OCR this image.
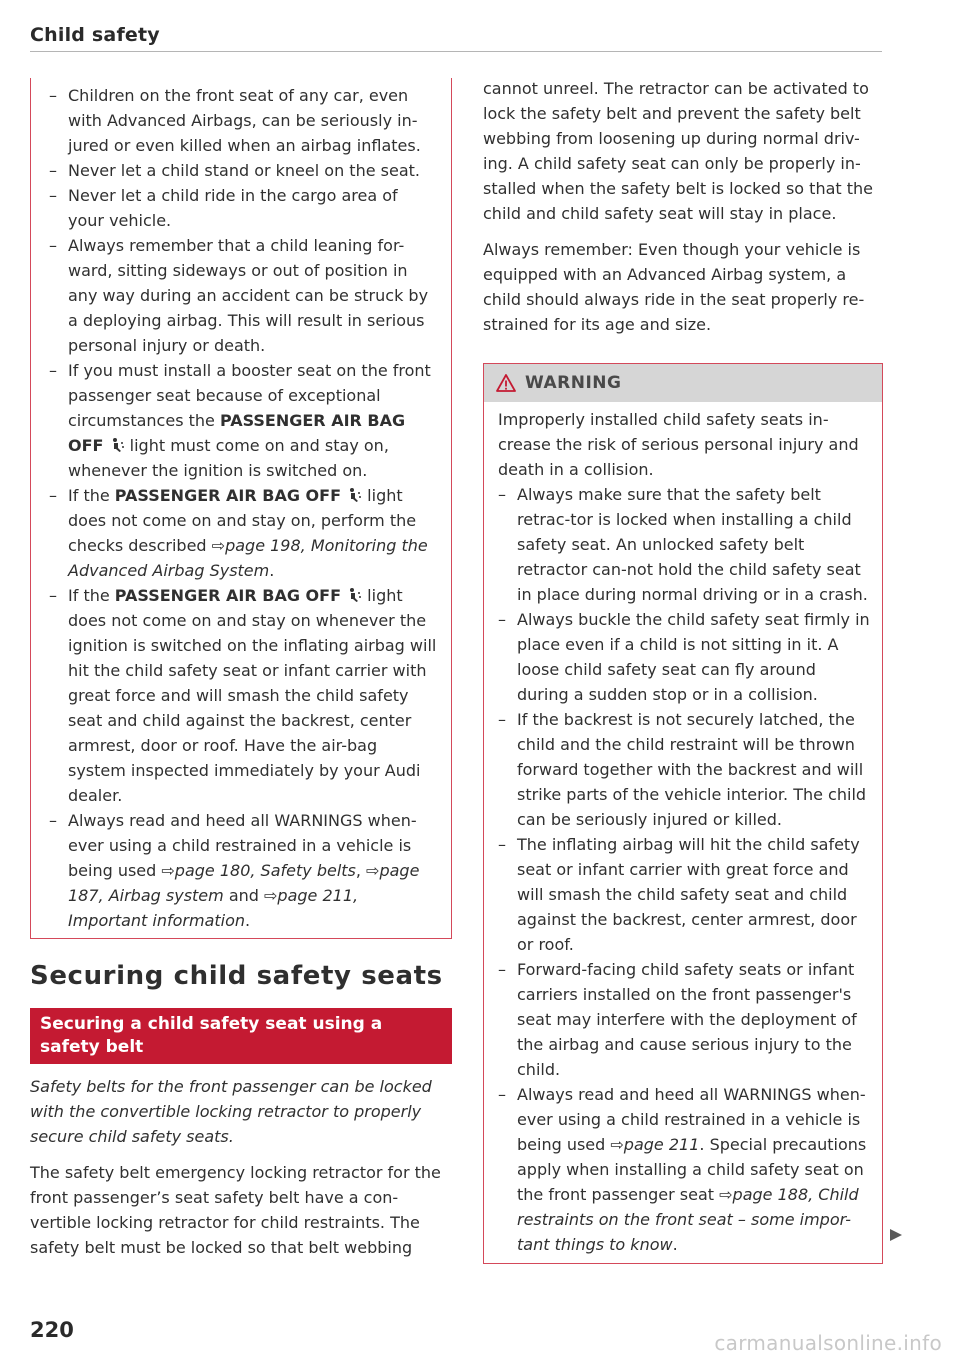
Child safety
– Children on the front seat of any car, even with Advanced Airbags, can be seriously in-jured or even killed when an airbag inflates.
– Never let a child stand or kneel on the seat.
– Never let a child ride in the cargo area of your vehicle.
– Always remember that a child leaning for-ward, sitting sideways or out of position in any way during an accident can be struck by a deploying airbag. This will result in serious personal injury or death.
– If you must install a booster seat on the front passenger seat because of exceptional circumstances the PASSENGER AIR BAG OFF  light must come on and stay on, whenever the ignition is switched on.
– If the PASSENGER AIR BAG OFF  light does not come on and stay on, perform the checks described ⇨page 198, Monitoring the Advanced Airbag System.
– If the PASSENGER AIR BAG OFF  light does not come on and stay on whenever the ignition is switched on the inflating airbag will hit the child safety seat or infant carrier with great force and will smash the child safety seat and child against the backrest, center armrest, door or roof. Have the air-bag system inspected immediately by your Audi dealer.
– Always read and heed all WARNINGS when-ever using a child restrained in a vehicle is being used ⇨page 180, Safety belts, ⇨page 187, Airbag system and ⇨page 211, Important information.
Securing child safety seats
Securing a child safety seat using a safety belt
Safety belts for the front passenger can be locked with the convertible locking retractor to properly secure child safety seats.
The safety belt emergency locking retractor for the front passenger’s seat safety belt have a con-vertible locking retractor for child restraints. The safety belt must be locked so that belt webbing
cannot unreel. The retractor can be activated to lock the safety belt and prevent the safety belt webbing from loosening up during normal driv-ing. A child safety seat can only be properly in-stalled when the safety belt is locked so that the child and child safety seat will stay in place.
Always remember: Even though your vehicle is equipped with an Advanced Airbag system, a child should always ride in the seat properly re-strained for its age and size.
WARNING
Improperly installed child safety seats in-crease the risk of serious personal injury and death in a collision.
– Always make sure that the safety belt retrac-tor is locked when installing a child safety seat. An unlocked safety belt retractor can-not hold the child safety seat in place during normal driving or in a crash.
– Always buckle the child safety seat firmly in place even if a child is not sitting in it. A loose child safety seat can fly around during a sudden stop or in a collision.
– If the backrest is not securely latched, the child and the child restraint will be thrown forward together with the backrest and will strike parts of the vehicle interior. The child can be seriously injured or killed.
– The inflating airbag will hit the child safety seat or infant carrier with great force and will smash the child safety seat and child against the backrest, center armrest, door or roof.
– Forward-facing child safety seats or infant carriers installed on the front passenger's seat may interfere with the deployment of the airbag and cause serious injury to the child.
– Always read and heed all WARNINGS when-ever using a child restrained in a vehicle is being used ⇨page 211. Special precautions apply when installing a child safety seat on the front passenger seat ⇨page 188, Child restraints on the front seat – some impor-tant things to know.
220
carmanualsonline.info
